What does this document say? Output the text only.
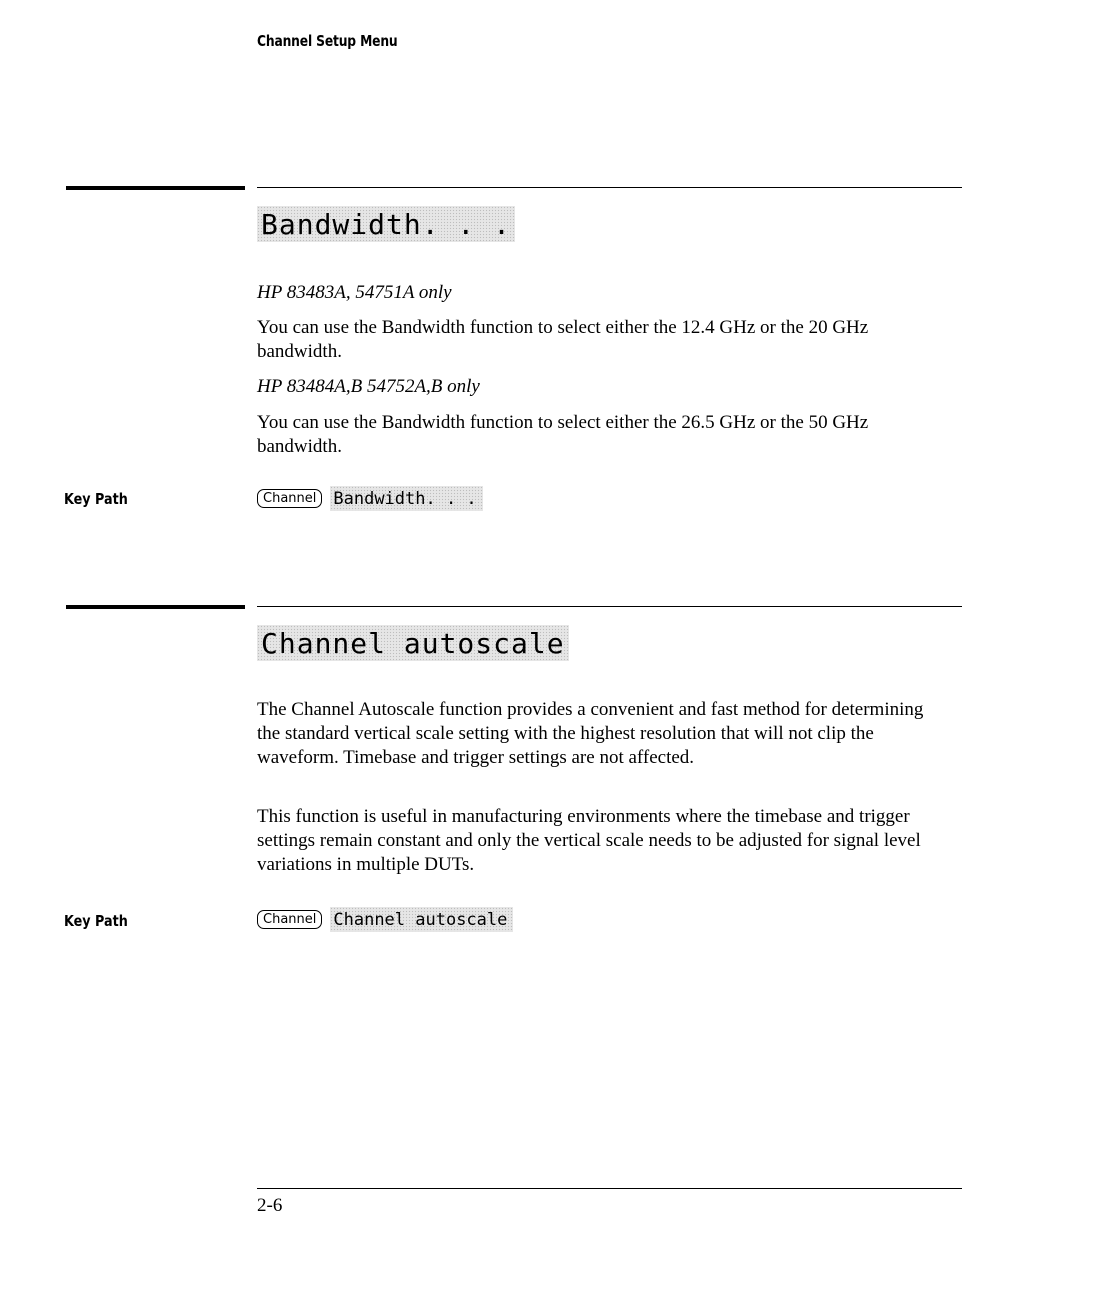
Channel Setup Menu
Bandwidth. . .
HP 83483A, 54751A only
You can use the Bandwidth function to select either the 12.4 GHz or the 20 GHz bandwidth.
HP 83484A,B 54752A,B only
You can use the Bandwidth function to select either the 26.5 GHz or the 50 GHz bandwidth.
Key Path	Channel	Bandwidth. . .
Channel autoscale
The Channel Autoscale function provides a convenient and fast method for determining the standard vertical scale setting with the highest resolution that will not clip the waveform. Timebase and trigger settings are not affected.
This function is useful in manufacturing environments where the timebase and trigger settings remain constant and only the vertical scale needs to be adjusted for signal level variations in multiple DUTs.
Key Path	Channel	Channel autoscale
2-6
